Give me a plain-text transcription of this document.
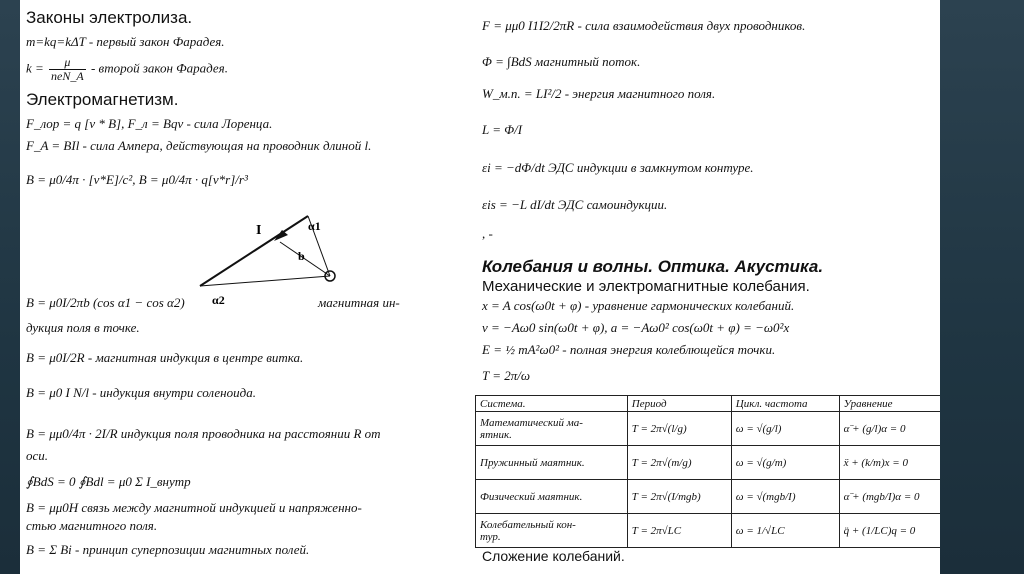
Законы электролиза.
m=kq=kΔT - первый закон Фарадея.
$k = \frac{\mu}{\text{neN\_A}}$ - второй закон Фарадея.
Электромагнетизм.
F_лор = q [v * B], F_л = Bqv - сила Лоренца.
F_A = BIl - сила Ампера, действующая на проводник длиной l.
B = μ0/4π · [v*E]/c², B = μ0/4π · q[v*r]/r³
I	α1
α2
b
B = μ0I/2πb (cos α1 − cos α2)	магнитная ин-
дукция поля в точке.
B = μ0I/2R - магнитная индукция в центре витка.
B = μ0 I N/l - индукция внутри соленоида.
B = μμ0/4π · 2I/R индукция поля проводника на расстоянии R от
оси.
∮BdS = 0 ∮Bdl = μ0 Σ I_внутр
B = μμ0H связь между магнитной индукцией и напряженно-
стью магнитного поля.
B = Σ Bi - принцип суперпозиции магнитных полей.
F = μμ0 I1I2/2πR - сила взаимодействия двух проводников.
Φ = ∫BdS магнитный поток.
W_м.п. = LI²/2 - энергия магнитного поля.
L = Φ/I
εi = −dΦ/dt ЭДС индукции в замкнутом контуре.
εis = −L dI/dt ЭДС самоиндукции.
, -
Колебания и волны. Оптика. Акустика.
Механические и электромагнитные колебания.
x = A cos(ω0t + φ) - уравнение гармонических колебаний.
v = −Aω0 sin(ω0t + φ), a = −Aω0² cos(ω0t + φ) = −ω0²x
E = ½ mA²ω0² - полная энергия колеблющейся точки.
T = 2π/ω
Система.	Период	Цикл. частота	Уравнение
Математический ма-
ятник.	T = 2π√(l/g)	ω = √(g/l)	α̈ + (g/l)α = 0
Пружинный маятник.	T = 2π√(m/g)	ω = √(g/m)	ẍ + (k/m)x = 0
Физический маятник.	T = 2π√(I/mgb)	ω = √(mgb/I)	α̈ + (mgb/I)α = 0
Колебательный кон-
тур.	T = 2π√LC	ω = 1/√LC	q̈ + (1/LC)q = 0
Сложение колебаний.
